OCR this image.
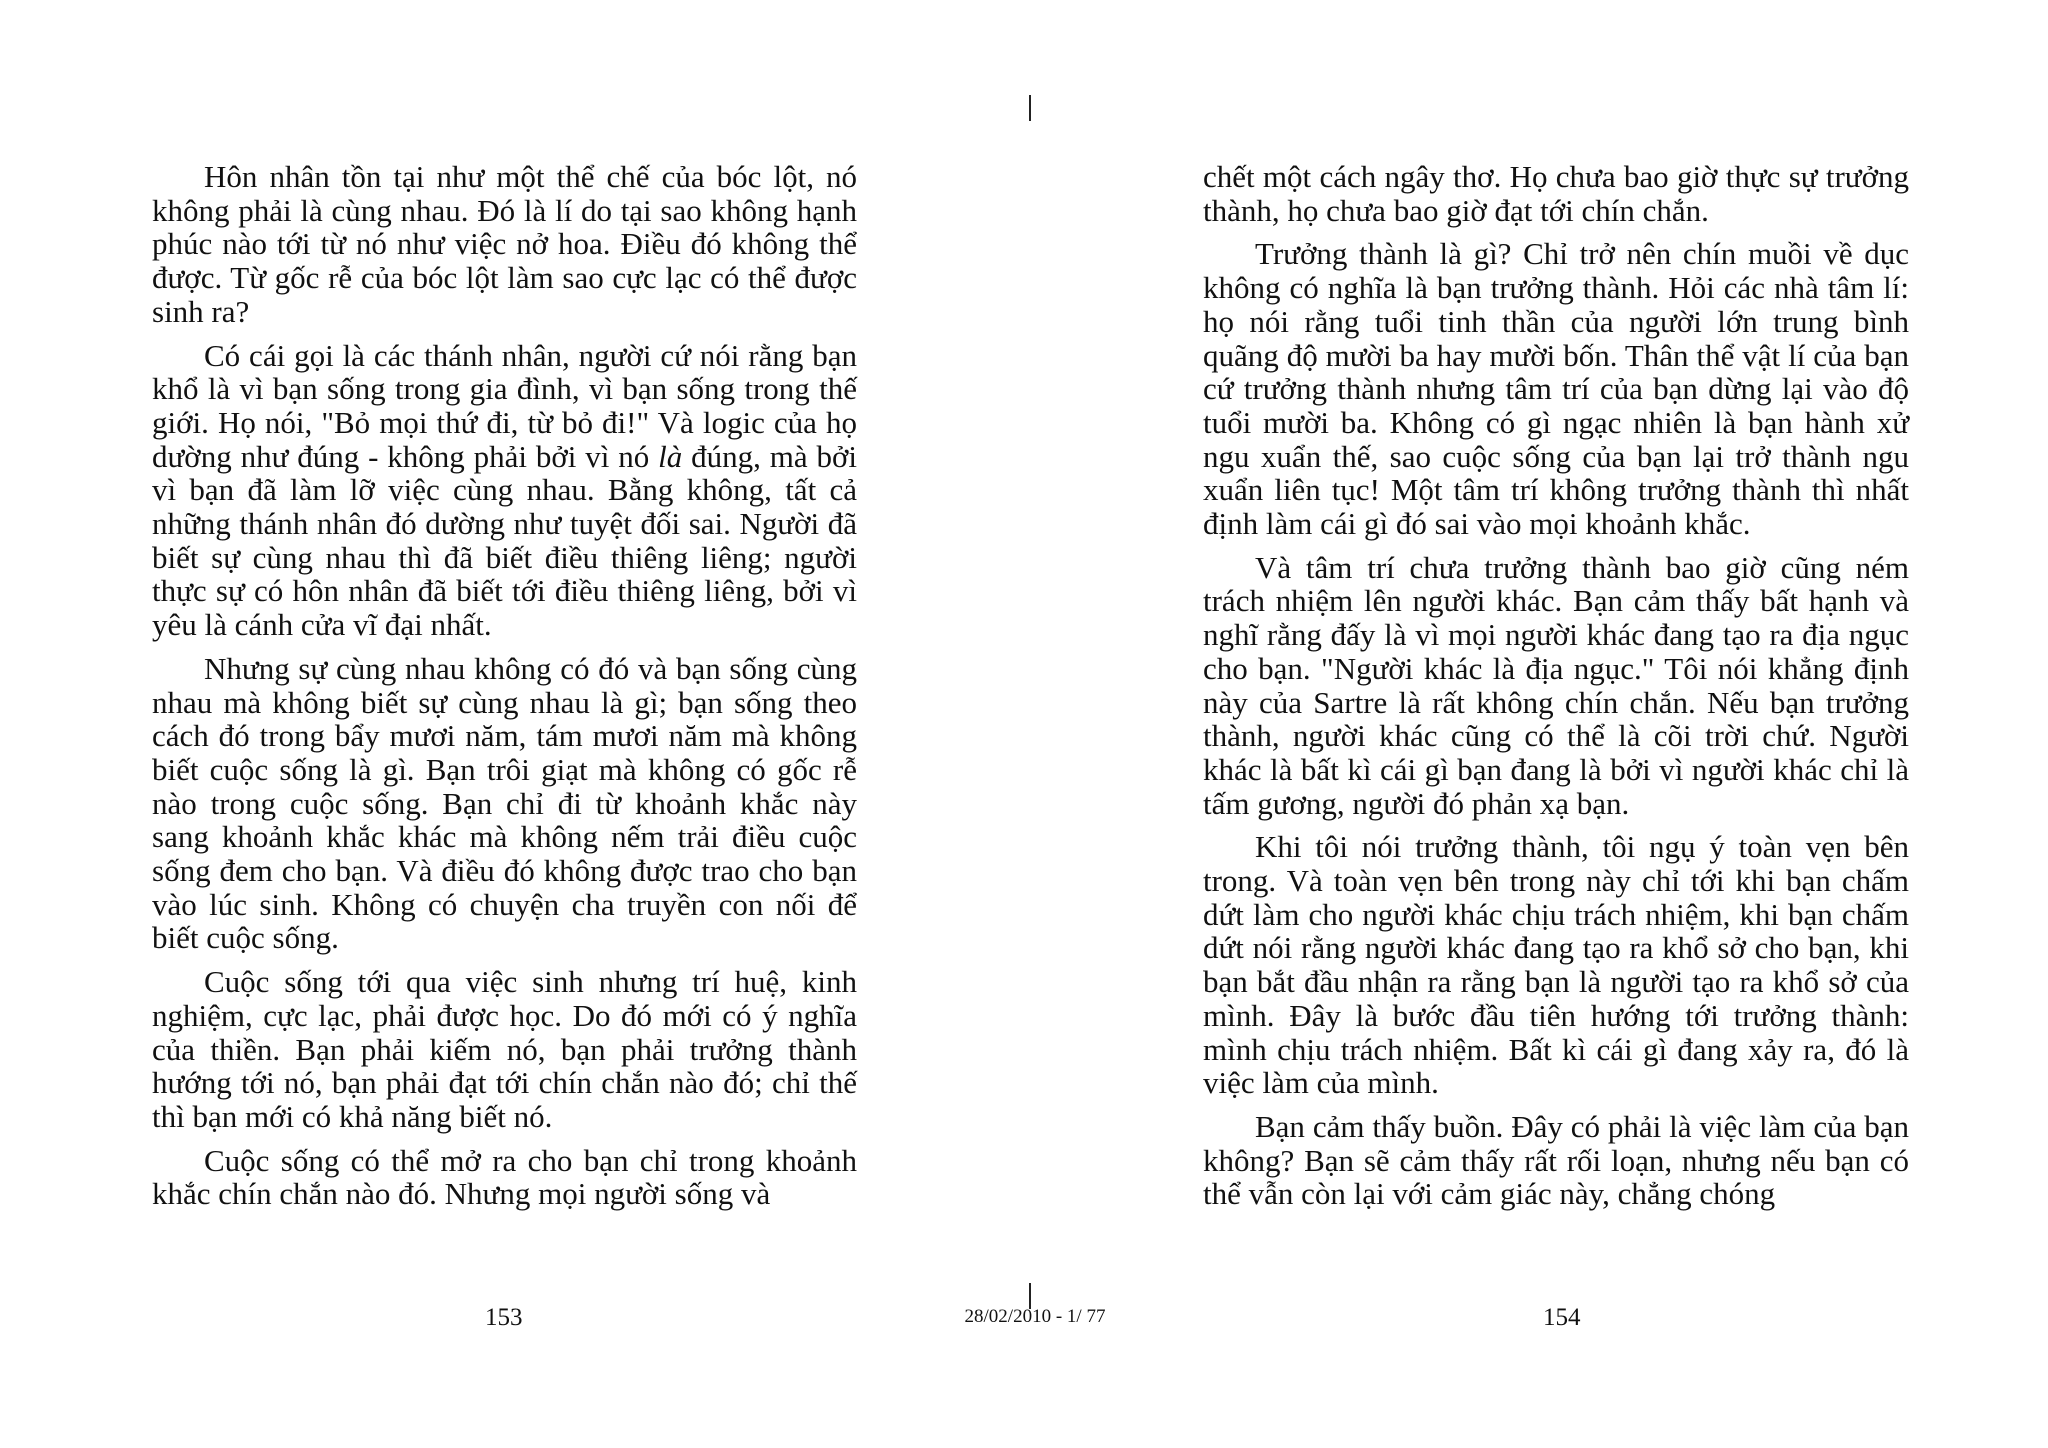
Hôn nhân tồn tại như một thể chế của bóc lột, nó không phải là cùng nhau. Đó là lí do tại sao không hạnh phúc nào tới từ nó như việc nở hoa. Điều đó không thể được. Từ gốc rễ của bóc lột làm sao cực lạc có thể được sinh ra?

Có cái gọi là các thánh nhân, người cứ nói rằng bạn khổ là vì bạn sống trong gia đình, vì bạn sống trong thế giới. Họ nói, "Bỏ mọi thứ đi, từ bỏ đi!" Và logic của họ dường như đúng - không phải bởi vì nó là đúng, mà bởi vì bạn đã làm lỡ việc cùng nhau. Bằng không, tất cả những thánh nhân đó dường như tuyệt đối sai. Người đã biết sự cùng nhau thì đã biết điều thiêng liêng; người thực sự có hôn nhân đã biết tới điều thiêng liêng, bởi vì yêu là cánh cửa vĩ đại nhất.

Nhưng sự cùng nhau không có đó và bạn sống cùng nhau mà không biết sự cùng nhau là gì; bạn sống theo cách đó trong bẩy mươi năm, tám mươi năm mà không biết cuộc sống là gì. Bạn trôi giạt mà không có gốc rễ nào trong cuộc sống. Bạn chỉ đi từ khoảnh khắc này sang khoảnh khắc khác mà không nếm trải điều cuộc sống đem cho bạn. Và điều đó không được trao cho bạn vào lúc sinh. Không có chuyện cha truyền con nối để biết cuộc sống.

Cuộc sống tới qua việc sinh nhưng trí huệ, kinh nghiệm, cực lạc, phải được học. Do đó mới có ý nghĩa của thiền. Bạn phải kiếm nó, bạn phải trưởng thành hướng tới nó, bạn phải đạt tới chín chắn nào đó; chỉ thế thì bạn mới có khả năng biết nó.

Cuộc sống có thể mở ra cho bạn chỉ trong khoảnh khắc chín chắn nào đó. Nhưng mọi người sống và

chết một cách ngây thơ. Họ chưa bao giờ thực sự trưởng thành, họ chưa bao giờ đạt tới chín chắn.

Trưởng thành là gì? Chỉ trở nên chín muồi về dục không có nghĩa là bạn trưởng thành. Hỏi các nhà tâm lí: họ nói rằng tuổi tinh thần của người lớn trung bình quãng độ mười ba hay mười bốn. Thân thể vật lí của bạn cứ trưởng thành nhưng tâm trí của bạn dừng lại vào độ tuổi mười ba. Không có gì ngạc nhiên là bạn hành xử ngu xuẩn thế, sao cuộc sống của bạn lại trở thành ngu xuẩn liên tục! Một tâm trí không trưởng thành thì nhất định làm cái gì đó sai vào mọi khoảnh khắc.

Và tâm trí chưa trưởng thành bao giờ cũng ném trách nhiệm lên người khác. Bạn cảm thấy bất hạnh và nghĩ rằng đấy là vì mọi người khác đang tạo ra địa ngục cho bạn. "Người khác là địa ngục." Tôi nói khẳng định này của Sartre là rất không chín chắn. Nếu bạn trưởng thành, người khác cũng có thể là cõi trời chứ. Người khác là bất kì cái gì bạn đang là bởi vì người khác chỉ là tấm gương, người đó phản xạ bạn.

Khi tôi nói trưởng thành, tôi ngụ ý toàn vẹn bên trong. Và toàn vẹn bên trong này chỉ tới khi bạn chấm dứt làm cho người khác chịu trách nhiệm, khi bạn chấm dứt nói rằng người khác đang tạo ra khổ sở cho bạn, khi bạn bắt đầu nhận ra rằng bạn là người tạo ra khổ sở của mình. Đây là bước đầu tiên hướng tới trưởng thành: mình chịu trách nhiệm. Bất kì cái gì đang xảy ra, đó là việc làm của mình.

Bạn cảm thấy buồn. Đây có phải là việc làm của bạn không? Bạn sẽ cảm thấy rất rối loạn, nhưng nếu bạn có thể vẫn còn lại với cảm giác này, chẳng chóng

153	28/02/2010 - 1/ 77	154
